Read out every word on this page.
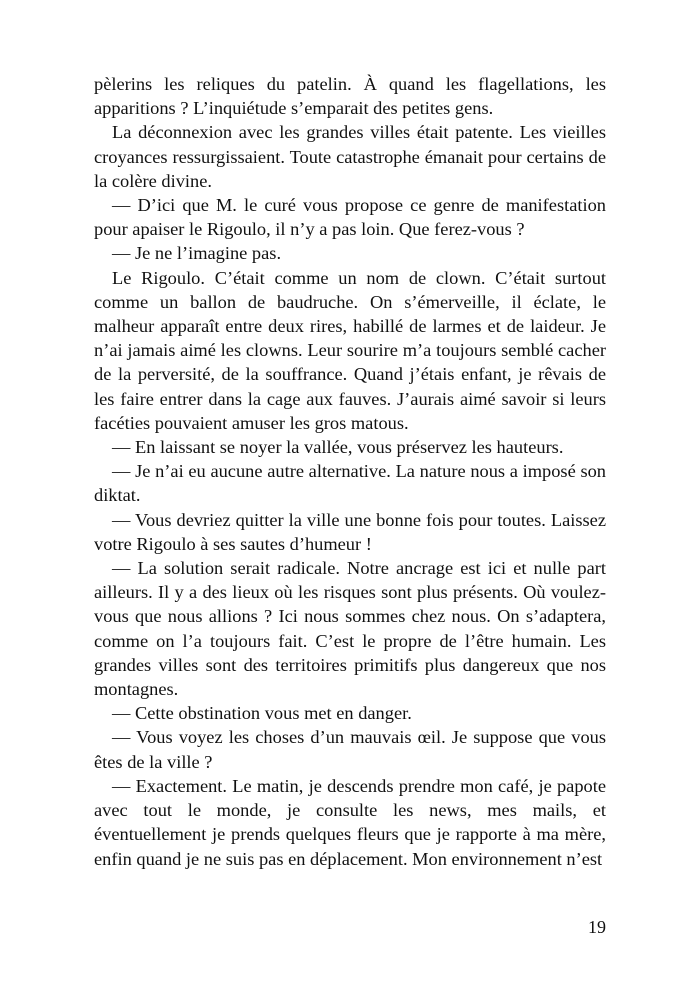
pèlerins les reliques du patelin. À quand les flagellations, les apparitions ? L’inquiétude s’emparait des petites gens.

La déconnexion avec les grandes villes était patente. Les vieilles croyances ressurgissaient. Toute catastrophe émanait pour certains de la colère divine.

— D’ici que M. le curé vous propose ce genre de manifestation pour apaiser le Rigoulo, il n’y a pas loin. Que ferez-vous ?

— Je ne l’imagine pas.

Le Rigoulo. C’était comme un nom de clown. C’était surtout comme un ballon de baudruche. On s’émerveille, il éclate, le malheur apparaît entre deux rires, habillé de larmes et de laideur. Je n’ai jamais aimé les clowns. Leur sourire m’a toujours semblé cacher de la perversité, de la souffrance. Quand j’étais enfant, je rêvais de les faire entrer dans la cage aux fauves. J’aurais aimé savoir si leurs facéties pouvaient amuser les gros matous.

— En laissant se noyer la vallée, vous préservez les hauteurs.

— Je n’ai eu aucune autre alternative. La nature nous a imposé son diktat.

— Vous devriez quitter la ville une bonne fois pour toutes. Laissez votre Rigoulo à ses sautes d’humeur !

— La solution serait radicale. Notre ancrage est ici et nulle part ailleurs. Il y a des lieux où les risques sont plus présents. Où voulez-vous que nous allions ? Ici nous sommes chez nous. On s’adaptera, comme on l’a toujours fait. C’est le propre de l’être humain. Les grandes villes sont des territoires primitifs plus dangereux que nos montagnes.

— Cette obstination vous met en danger.

— Vous voyez les choses d’un mauvais œil. Je suppose que vous êtes de la ville ?

— Exactement. Le matin, je descends prendre mon café, je papote avec tout le monde, je consulte les news, mes mails, et éventuellement je prends quelques fleurs que je rapporte à ma mère, enfin quand je ne suis pas en déplacement. Mon environnement n’est

19
